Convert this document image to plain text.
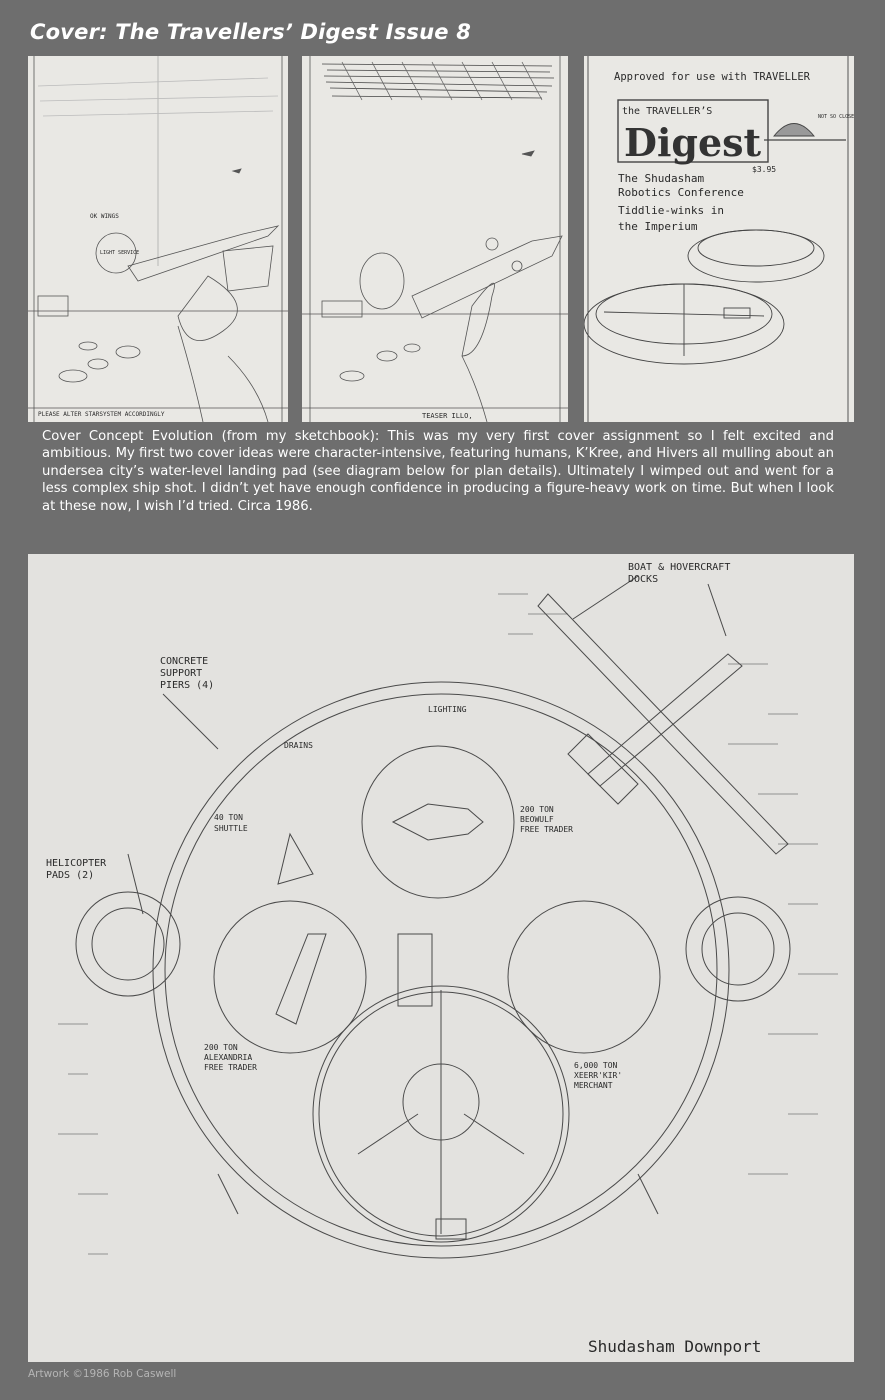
Cover: The Travellers’ Digest Issue 8
OK WINGS
LIGHT SERVICE
PLEASE ALTER STARSYSTEM ACCORDINGLY	TEASER ILLO,
Approved for use with TRAVELLER
the TRAVELLER’S
Digest
$3.95
NOT SO CLOSE
The Shudasham
Robotics Conference
Tiddlie-winks in
the Imperium
Cover Concept Evolution (from my sketchbook): This was my very first cover assignment so I felt excited and ambitious. My first two cover ideas were character-intensive, featuring humans, K’Kree, and Hivers all mulling about an undersea city’s water-level landing pad (see diagram below for plan details). Ultimately I wimped out and went for a less complex ship shot. I didn’t yet have enough confidence in producing a figure-heavy work on time. But when I look at these now, I wish I’d tried. Circa 1986.
BOAT & HOVERCRAFT
DOCKS
CONCRETE
SUPPORT
PIERS (4)
LIGHTING
DRAINS
40 TON
SHUTTLE
200 TON
BEOWULF
FREE TRADER
HELICOPTER
PADS (2)
200 TON
ALEXANDRIA
FREE TRADER	6,000 TON
XEERR'KIR'
MERCHANT
Shudasham Downport
Artwork ©1986 Rob Caswell
